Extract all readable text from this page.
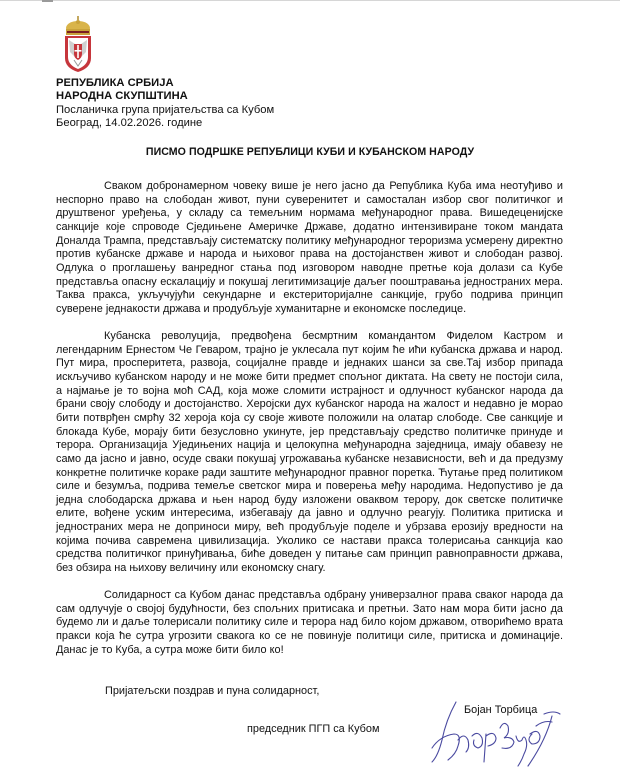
РЕПУБЛИКА СРБИЈА
НАРОДНА СКУПШТИНА
Посланичка група пријатељства са Кубом
Београд, 14.02.2026. године
ПИСМО ПОДРШКЕ РЕПУБЛИЦИ КУБИ И КУБАНСКОМ НАРОДУ

Сваком добронамерном човеку више је него јасно да Република Куба има неотуђиво и неспорно право на слободан живот, пуни суверенитет и самосталан избор свог политичког и друштвеног уређења, у складу са темељним нормама међународног права. Вишедеценијске санкције које спроводе Сједињене Америчке Државе, додатно интензивиране током мандата Доналда Трампа, представљају систематску политику међународног тероризма усмерену директно против кубанске државе и народа и њиховог права на достојанствен живот и слободан развој. Одлука о проглашењу ванредног стања под изговором наводне претње која долази са Кубе представља опасну ескалацију и покушај легитимизације даљег пооштравања једностраних мера. Таква пракса, укључујући секундарне и екстериторијалне санкције, грубо подрива принцип суверене једнакости држава и продубљује хуманитарне и економске последице.

Кубанска револуција, предвођена бесмртним командантом Фиделом Кастром и легендарним Ернестом Че Геваром, трајно је уклесала пут којим ће ићи кубанска држава и народ. Пут мира, просперитета, развоја, социјалне правде и једнаких шанси за све.Тај избор припада искључиво кубанском народу и не може бити предмет спољног диктата. На свету не постоји сила, а најмање је то војна моћ САД, која може сломити истрајност и одлучност кубанског народа да брани своју слободу и достојанство. Херојски дух кубанског народа на жалост и недавно је морао бити потврђен смрћу 32 хероја која су своје животе положили на олатар слободе. Све санкције и блокада Кубе, морају бити безусловно укинуте, јер представљају средство политичке принуде и терора. Организација Уједињених нација и целокупна међународна заједница, имају обавезу не само да јасно и јавно, осуде сваки покушај угрожавања кубанске независности, већ и да предузму конкретне политичке кораке ради заштите међународног правног поретка. Ћутање пред политиком силе и безумља, подрива темеље светског мира и поверења међу народима. Недопустиво је да једна слободарска држава и њен народ буду изложени оваквом терору, док светске политичке елите, вођене уским интересима, избегавају да јавно и одлучно реагују. Политика притиска и једностраних мера не доприноси миру, већ продубљује поделе и убрзава ерозију вредности на којима почива савремена цивилизација. Уколико се настави пракса толерисања санкција као средства политичког принуђивања, биће доведен у питање сам принцип равноправности држава, без обзира на њихову величину или економску снагу.

Солидарност са Кубом данас представља одбрану универзалног права сваког народа да сам одлучује о својој будућности, без спољних притисака и претњи. Зато нам мора бити јасно да будемо ли и даље толерисали политику силе и терора над било којом државом, отворићемо врата пракси која ће сутра угрозити свакога ко се не повинује политици силе, притиска и доминације. Данас је то Куба, а сутра може бити било ко!

Пријатељски поздрав и пуна солидарност,
Бојан Торбица
председник ПГП са Кубом
